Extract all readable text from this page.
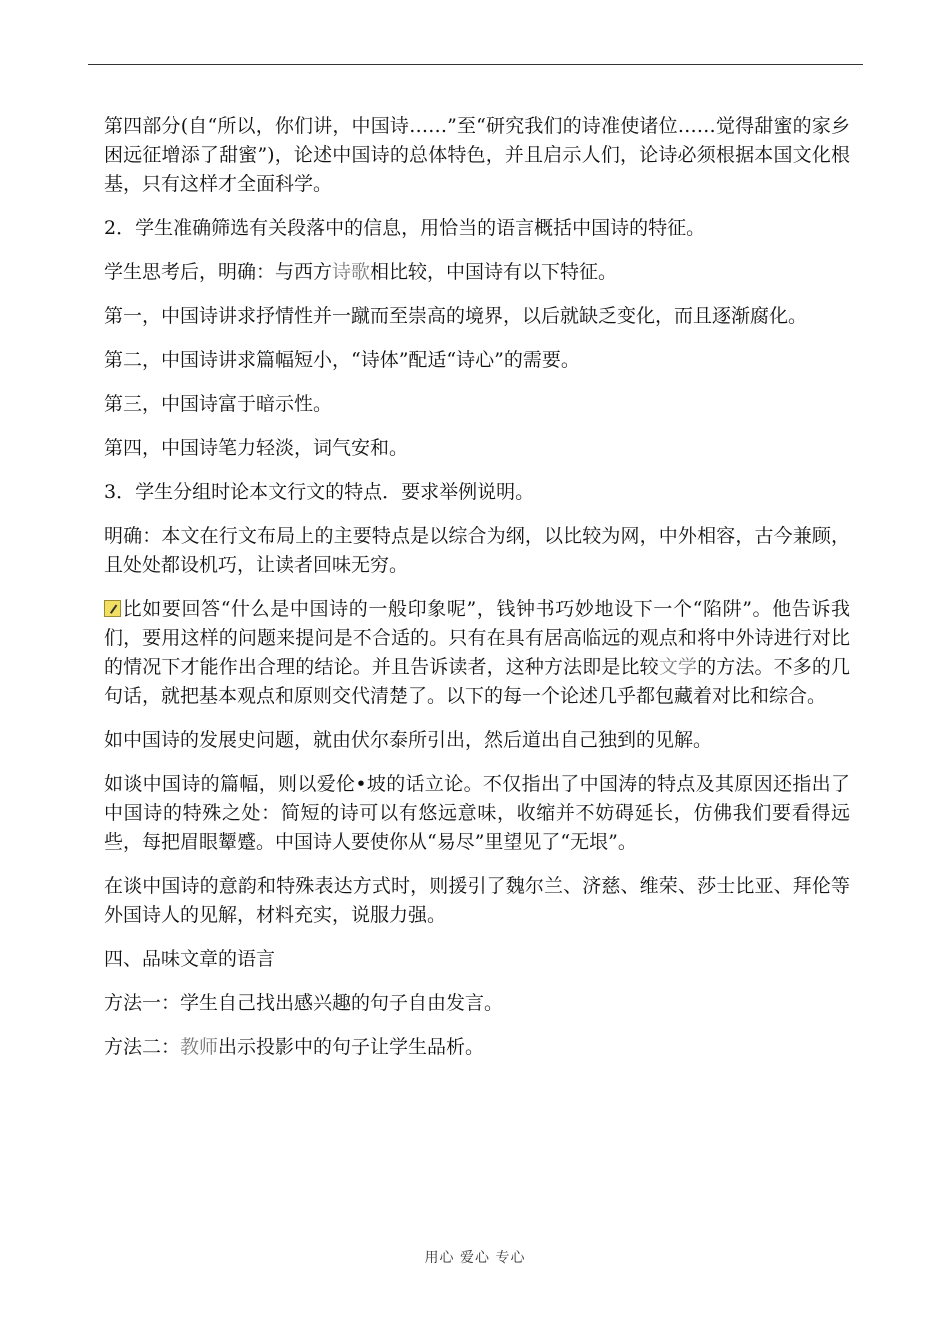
第四部分(自“所以，你们讲，中国诗……”至“研究我们的诗准使诸位……觉得甜蜜的家乡困远征增添了甜蜜”)，论述中国诗的总体特色，并且启示人们，论诗必须根据本国文化根基，只有这样才全面科学。

2．学生准确筛选有关段落中的信息，用恰当的语言概括中国诗的特征。

学生思考后，明确：与西方诗歌相比较，中国诗有以下特征。

第一，中国诗讲求抒情性并一蹴而至崇高的境界，以后就缺乏变化，而且逐渐腐化。

第二，中国诗讲求篇幅短小，“诗体”配适“诗心”的需要。

第三，中国诗富于暗示性。

第四，中国诗笔力轻淡，词气安和。

3．学生分组时论本文行文的特点．要求举例说明。

明确：本文在行文布局上的主要特点是以综合为纲，以比较为网，中外相容，古今兼顾，且处处都设机巧，让读者回味无穷。

比如要回答“什么是中国诗的一般印象呢”，钱钟书巧妙地设下一个“陷阱”。他告诉我们，要用这样的问题来提问是不合适的。只有在具有居高临远的观点和将中外诗进行对比的情况下才能作出合理的结论。并且告诉读者，这种方法即是比较文学的方法。不多的几句话，就把基本观点和原则交代清楚了。以下的每一个论述几乎都包藏着对比和综合。

如中国诗的发展史问题，就由伏尔泰所引出，然后道出自己独到的见解。

如谈中国诗的篇幅，则以爱伦•坡的话立论。不仅指出了中国涛的特点及其原因还指出了中国诗的特殊之处：简短的诗可以有悠远意味，收缩并不妨碍延长，仿佛我们要看得远些，每把眉眼颦蹙。中国诗人要使你从“易尽”里望见了“无垠”。

在谈中国诗的意韵和特殊表达方式时，则援引了魏尔兰、济慈、维荣、莎士比亚、拜伦等外国诗人的见解，材料充实，说服力强。

四、品味文章的语言

方法一：学生自己找出感兴趣的句子自由发言。

方法二：教师出示投影中的句子让学生品析。

用心 爱心 专心
